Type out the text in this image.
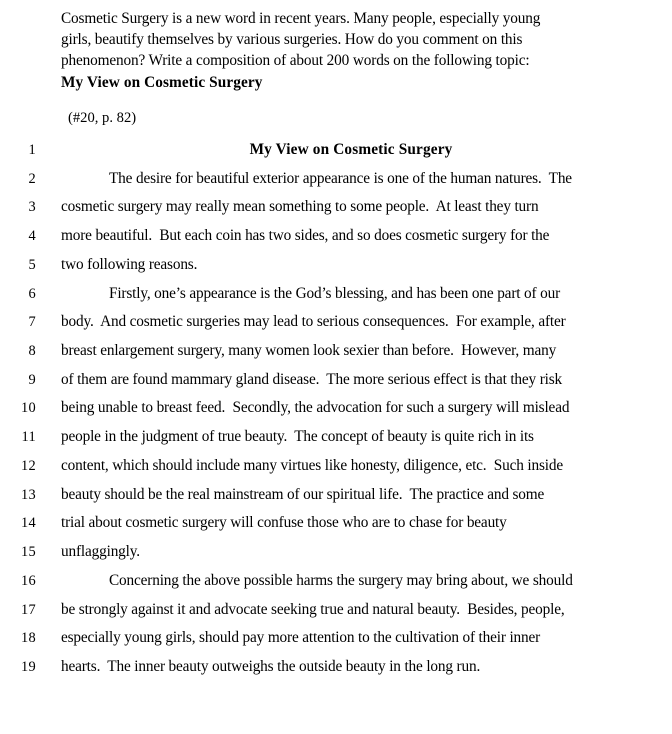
Cosmetic Surgery is a new word in recent years. Many people, especially young
girls, beautify themselves by various surgeries. How do you comment on this
phenomenon? Write a composition of about 200 words on the following topic:
My View on Cosmetic Surgery
(#20, p. 82)
1	My View on Cosmetic Surgery
2	The desire for beautiful exterior appearance is one of the human natures.  The
3 cosmetic surgery may really mean something to some people.  At least they turn
4 more beautiful.  But each coin has two sides, and so does cosmetic surgery for the
5 two following reasons.
6	Firstly, one’s appearance is the God’s blessing, and has been one part of our
7 body.  And cosmetic surgeries may lead to serious consequences.  For example, after
8 breast enlargement surgery, many women look sexier than before.  However, many
9 of them are found mammary gland disease.  The more serious effect is that they risk
10 being unable to breast feed.  Secondly, the advocation for such a surgery will mislead
11 people in the judgment of true beauty.  The concept of beauty is quite rich in its
12 content, which should include many virtues like honesty, diligence, etc.  Such inside
13 beauty should be the real mainstream of our spiritual life.  The practice and some
14 trial about cosmetic surgery will confuse those who are to chase for beauty
15 unflaggingly.
16	Concerning the above possible harms the surgery may bring about, we should
17 be strongly against it and advocate seeking true and natural beauty.  Besides, people,
18 especially young girls, should pay more attention to the cultivation of their inner
19 hearts.  The inner beauty outweighs the outside beauty in the long run.
